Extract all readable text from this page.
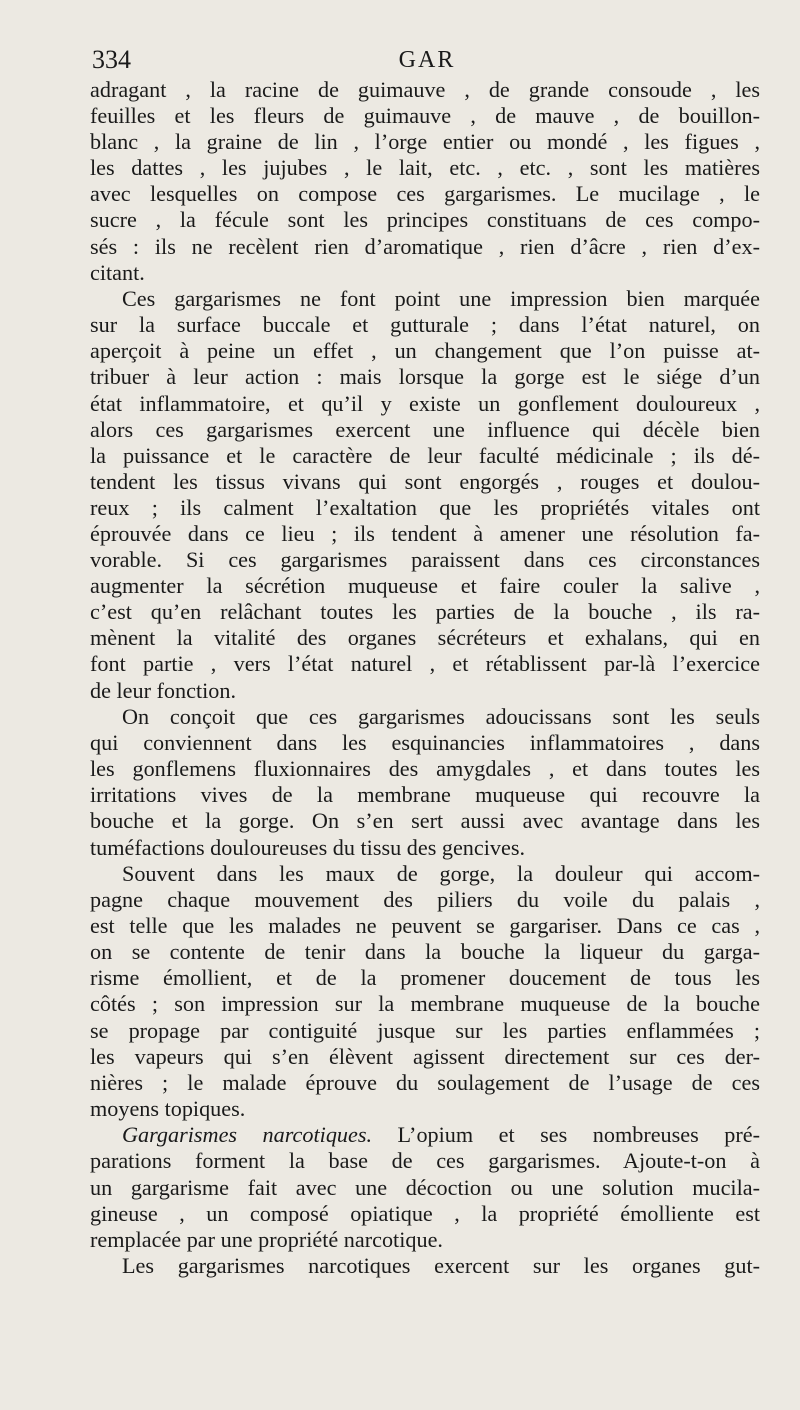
334	GAR

adragant , la racine de guimauve , de grande consoude , les
feuilles et les fleurs de guimauve , de mauve , de bouillon-
blanc , la graine de lin , l’orge entier ou mondé , les figues ,
les dattes , les jujubes , le lait, etc. , etc. , sont les matières
avec lesquelles on compose ces gargarismes. Le mucilage , le
sucre , la fécule sont les principes constituans de ces compo-
sés : ils ne recèlent rien d’aromatique , rien d’âcre , rien d’ex-
citant.

Ces gargarismes ne font point une impression bien marquée
sur la surface buccale et gutturale ; dans l’état naturel, on
aperçoit à peine un effet , un changement que l’on puisse at-
tribuer à leur action : mais lorsque la gorge est le siége d’un
état inflammatoire, et qu’il y existe un gonflement douloureux ,
alors ces gargarismes exercent une influence qui décèle bien
la puissance et le caractère de leur faculté médicinale ; ils dé-
tendent les tissus vivans qui sont engorgés , rouges et doulou-
reux ; ils calment l’exaltation que les propriétés vitales ont
éprouvée dans ce lieu ; ils tendent à amener une résolution fa-
vorable. Si ces gargarismes paraissent dans ces circonstances
augmenter la sécrétion muqueuse et faire couler la salive ,
c’est qu’en relâchant toutes les parties de la bouche , ils ra-
mènent la vitalité des organes sécréteurs et exhalans, qui en
font partie , vers l’état naturel , et rétablissent par-là l’exercice
de leur fonction.

On conçoit que ces gargarismes adoucissans sont les seuls
qui conviennent dans les esquinancies inflammatoires , dans
les gonflemens fluxionnaires des amygdales , et dans toutes les
irritations vives de la membrane muqueuse qui recouvre la
bouche et la gorge. On s’en sert aussi avec avantage dans les
tuméfactions douloureuses du tissu des gencives.

Souvent dans les maux de gorge, la douleur qui accom-
pagne chaque mouvement des piliers du voile du palais ,
est telle que les malades ne peuvent se gargariser. Dans ce cas ,
on se contente de tenir dans la bouche la liqueur du garga-
risme émollient, et de la promener doucement de tous les
côtés ; son impression sur la membrane muqueuse de la bouche
se propage par contiguité jusque sur les parties enflammées ;
les vapeurs qui s’en élèvent agissent directement sur ces der-
nières ; le malade éprouve du soulagement de l’usage de ces
moyens topiques.

Gargarismes narcotiques. L’opium et ses nombreuses pré-
parations forment la base de ces gargarismes. Ajoute-t-on à
un gargarisme fait avec une décoction ou une solution mucila-
gineuse , un composé opiatique , la propriété émolliente est
remplacée par une propriété narcotique.

Les gargarismes narcotiques exercent sur les organes gut-
